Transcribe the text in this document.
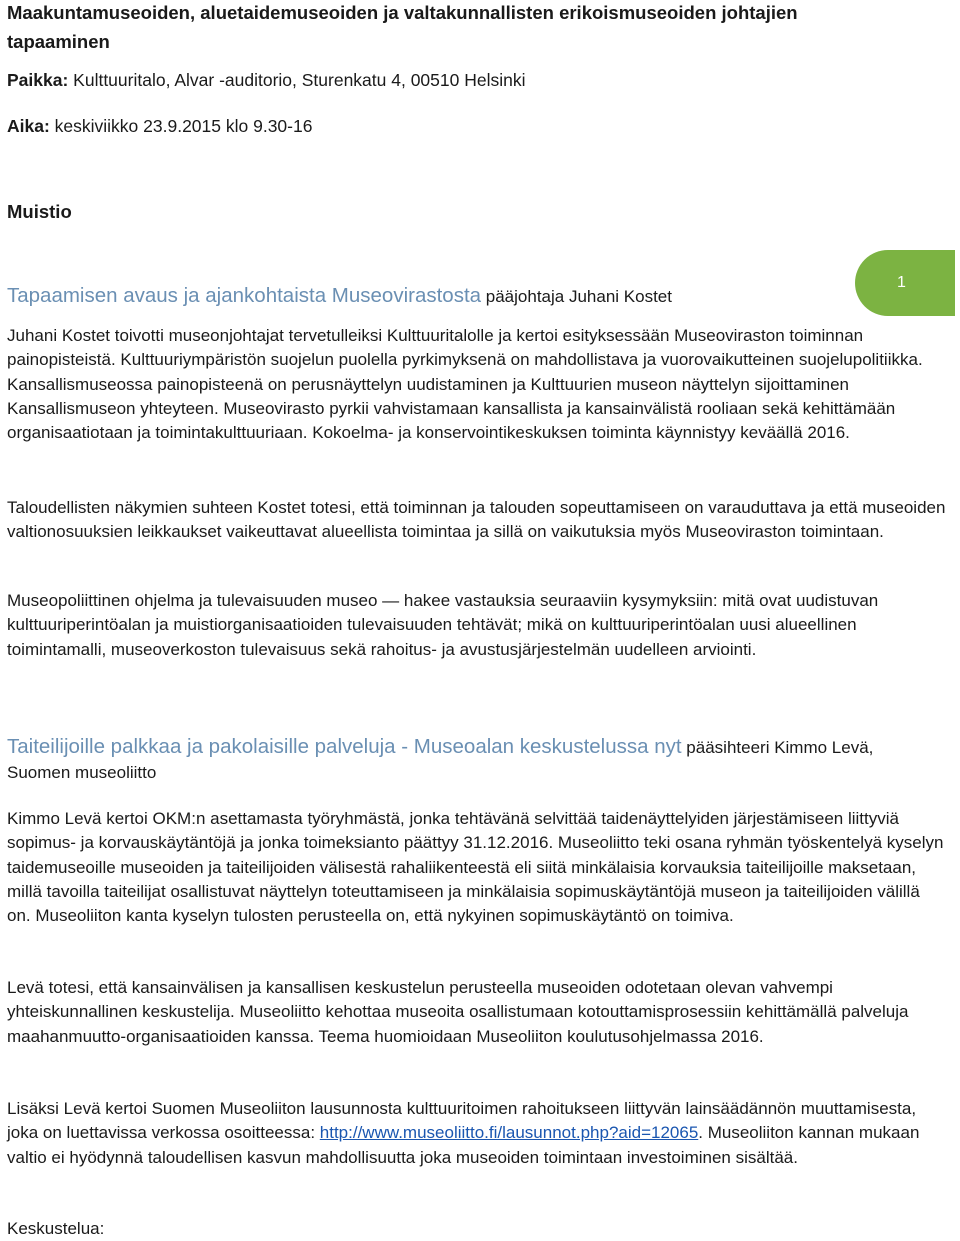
Maakuntamuseoiden, aluetaidemuseoiden ja valtakunnallisten erikoismuseoiden johtajien tapaaminen

Paikka: Kulttuuritalo, Alvar -auditorio, Sturenkatu 4, 00510 Helsinki

Aika: keskiviikko 23.9.2015 klo 9.30-16

Muistio

1

Tapaamisen avaus ja ajankohtaista Museovirastosta pääjohtaja Juhani Kostet

Juhani Kostet toivotti museonjohtajat tervetulleiksi Kulttuuritalolle ja kertoi esityksessään Museoviraston toiminnan painopisteistä. Kulttuuriympäristön suojelun puolella pyrkimyksenä on mahdollistava ja vuorovaikutteinen suojelupolitiikka. Kansallismuseossa painopisteenä on perusnäyttelyn uudistaminen ja Kulttuurien museon näyttelyn sijoittaminen Kansallismuseon yhteyteen. Museovirasto pyrkii vahvistamaan kansallista ja kansainvälistä rooliaan sekä kehittämään organisaatiotaan ja toimintakulttuuriaan. Kokoelma- ja konservointikeskuksen toiminta käynnistyy keväällä 2016.

Taloudellisten näkymien suhteen Kostet totesi, että toiminnan ja talouden sopeuttamiseen on varauduttava ja että museoiden valtionosuuksien leikkaukset vaikeuttavat alueellista toimintaa ja sillä on vaikutuksia myös Museoviraston toimintaan.

Museopoliittinen ohjelma ja tulevaisuuden museo — hakee vastauksia seuraaviin kysymyksiin: mitä ovat uudistuvan kulttuuriperintöalan ja muistiorganisaatioiden tulevaisuuden tehtävät; mikä on kulttuuriperintöalan uusi alueellinen toimintamalli, museoverkoston tulevaisuus sekä rahoitus- ja avustusjärjestelmän uudelleen arviointi.

Taiteilijoille palkkaa ja pakolaisille palveluja - Museoalan keskustelussa nyt pääsihteeri Kimmo Levä, Suomen museoliitto

Kimmo Levä kertoi OKM:n asettamasta työryhmästä, jonka tehtävänä selvittää taidenäyttelyiden järjestämiseen liittyviä sopimus- ja korvauskäytäntöjä ja jonka toimeksianto päättyy 31.12.2016. Museoliitto teki osana ryhmän työskentelyä kyselyn taidemuseoille museoiden ja taiteilijoiden välisestä rahaliikenteestä eli siitä minkälaisia korvauksia taiteilijoille maksetaan, millä tavoilla taiteilijat osallistuvat näyttelyn toteuttamiseen ja minkälaisia sopimuskäytäntöjä museon ja taiteilijoiden välillä on. Museoliiton kanta kyselyn tulosten perusteella on, että nykyinen sopimuskäytäntö on toimiva.

Levä totesi, että kansainvälisen ja kansallisen keskustelun perusteella museoiden odotetaan olevan vahvempi yhteiskunnallinen keskustelija. Museoliitto kehottaa museoita osallistumaan kotouttamisprosessiin kehittämällä palveluja maahanmuutto-organisaatioiden kanssa. Teema huomioidaan Museoliiton koulutusohjelmassa 2016.

Lisäksi Levä kertoi Suomen Museoliiton lausunnosta kulttuuritoimen rahoitukseen liittyvän lainsäädännön muuttamisesta, joka on luettavissa verkossa osoitteessa: http://www.museoliitto.fi/lausunnot.php?aid=12065. Museoliiton kannan mukaan valtio ei hyödynnä taloudellisen kasvun mahdollisuutta joka museoiden toimintaan investoiminen sisältää.

Keskustelua:
